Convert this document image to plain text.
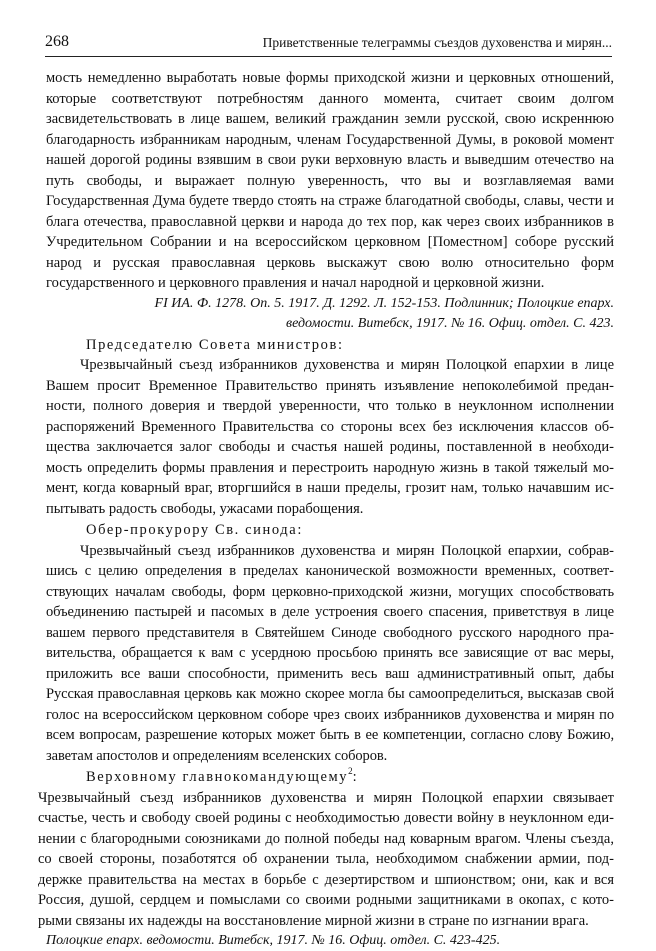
268	Приветственные телеграммы съездов духовенства и мирян...

мость немедленно выработать новые формы приходской жизни и церковных отношений, которые соответствуют потребностям данного момента, считает своим долгом засвидетельствовать в лице вашем, великий гражданин земли русской, свою искреннюю благодарность избранникам народным, членам Государственной Думы, в роковой момент нашей дорогой родины взявшим в свои руки верховную власть и выведшим отечество на путь свободы, и выражает полную уверенность, что вы и возглавляемая вами Государственная Дума будете твердо стоять на страже благодатной свободы, славы, чести и блага отечества, православной церкви и народа до тех пор, как через своих избранников в Учредительном Собрании и на всероссийском церковном [Поместном] соборе русский народ и русская православная церковь выскажут свою волю относительно форм государственного и церковного правления и начал народной и церковной жизни.

FI ИА. Ф. 1278. Оп. 5. 1917. Д. 1292. Л. 152-153. Подлинник; Полоцкие епарх.

ведомости. Витебск, 1917. № 16. Офиц. отдел. С. 423.

Председателю Совета министров:

Чрезвычайный съезд избранников духовенства и мирян Полоцкой епархии в лице Вашем просит Временное Правительство принять изъявление непоколебимой преданности, полного доверия и твердой уверенности, что только в неуклонном исполнении распоряжений Временного Правительства со стороны всех без исключения классов общества заключается залог свободы и счастья нашей родины, поставленной в необходимость определить формы правления и перестроить народную жизнь в такой тяжелый момент, когда коварный враг, вторгшийся в наши пределы, грозит нам, только начавшим испытывать радость свободы, ужасами порабощения.

Обер-прокурору Св. синода:

Чрезвычайный съезд избранников духовенства и мирян Полоцкой епархии, собравшись с целию определения в пределах канонической возможности временных, соответствующих началам свободы, форм церковно-приходской жизни, могущих способствовать объединению пастырей и пасомых в деле устроения своего спасения, приветствуя в лице вашем первого представителя в Святейшем Синоде свободного русского народного правительства, обращается к вам с усердною просьбою принять все зависящие от вас меры, приложить все ваши способности, применить весь ваш административный опыт, дабы Русская православная церковь как можно скорее могла бы самоопределиться, высказав свой голос на всероссийском церковном соборе чрез своих избранников духовенства и мирян по всем вопросам, разрешение которых может быть в ее компетенции, согласно слову Божию, заветам апостолов и определениям вселенских соборов.

Верховному главнокомандующему$^2$:

Чрезвычайный съезд избранников духовенства и мирян Полоцкой епархии связывает счастье, честь и свободу своей родины с необходимостью довести войну в неуклонном единении с благородными союзниками до полной победы над коварным врагом. Члены съезда, со своей стороны, позаботятся об охранении тыла, необходимом снабжении армии, поддержке правительства на местах в борьбе с дезертирством и шпионством; они, как и вся Россия, душой, сердцем и помыслами со своими родными защитниками в окопах, с которыми связаны их надежды на восстановление мирной жизни в стране по изгнании врага.

Полоцкие епарх. ведомости. Витебск, 1917. № 16. Офиц. отдел. С. 423-425.
